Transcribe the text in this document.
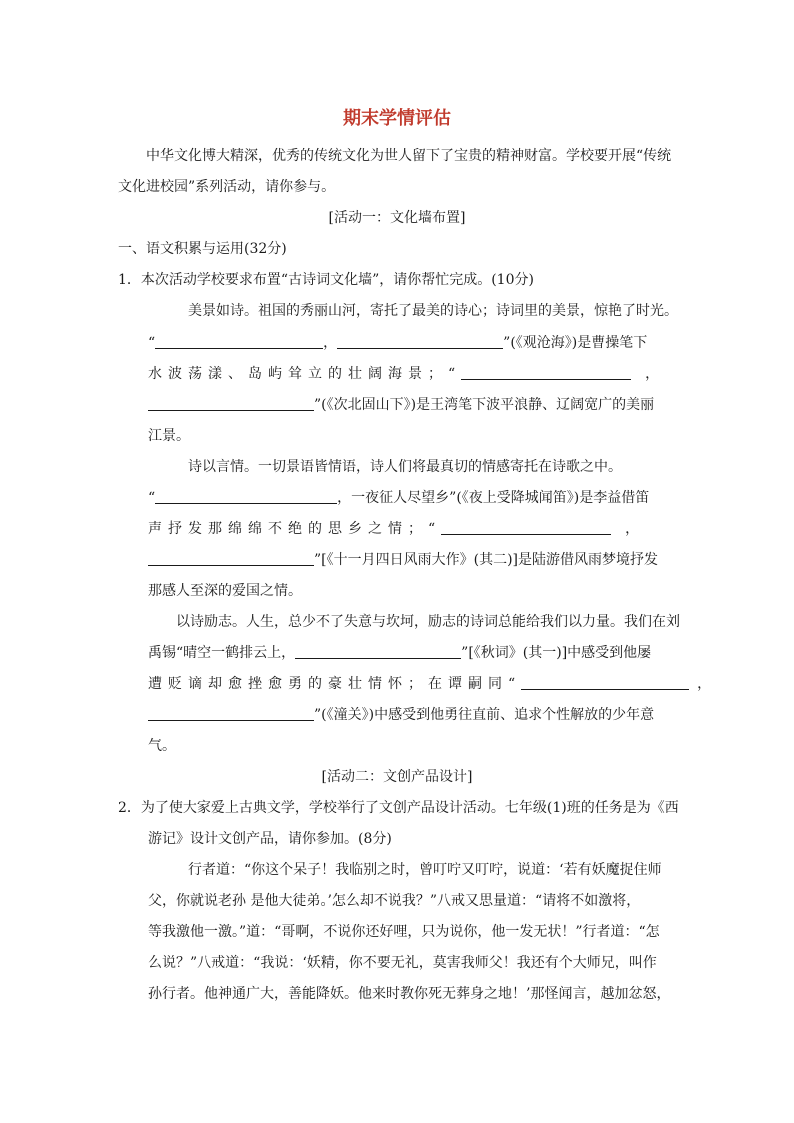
期末学情评估
中华文化博大精深，优秀的传统文化为世人留下了宝贵的精神财富。学校要开展“传统
文化进校园”系列活动，请你参与。
[活动一：文化墙布置]
一、语文积累与运用(32分)
1．本次活动学校要求布置“古诗词文化墙”，请你帮忙完成。(10分)
美景如诗。祖国的秀丽山河，寄托了最美的诗心；诗词里的美景，惊艳了时光。
“	，	”(《观沧海》)是曹操笔下
水波荡漾、岛屿耸立的壮阔海景；“	，
”(《次北固山下》)是王湾笔下波平浪静、辽阔宽广的美丽
江景。
诗以言情。一切景语皆情语，诗人们将最真切的情感寄托在诗歌之中。
“	，一夜征人尽望乡”(《夜上受降城闻笛》)是李益借笛
声抒发那绵绵不绝的思乡之情；“	，
”[《十一月四日风雨大作》(其二)]是陆游借风雨梦境抒发
那感人至深的爱国之情。
以诗励志。人生，总少不了失意与坎坷，励志的诗词总能给我们以力量。我们在刘
禹锡“晴空一鹤排云上，	”[《秋词》(其一)]中感受到他屡
遭贬谪却愈挫愈勇的豪壮情怀；在谭嗣同“	，
”(《潼关》)中感受到他勇往直前、追求个性解放的少年意
气。
[活动二：文创产品设计]
2．为了使大家爱上古典文学，学校举行了文创产品设计活动。七年级(1)班的任务是为《西
游记》设计文创产品，请你参加。(8分)
行者道：“你这个呆子！我临别之时，曾叮咛又叮咛，说道：‘若有妖魔捉住师
父，你就说老孙 是他大徒弟。’怎么却不说我？”八戒又思量道：“请将不如激将，
等我激他一激。”道：“哥啊，不说你还好哩，只为说你，他一发无状！”行者道：“怎
么说？”八戒道：“我说：‘妖精，你不要无礼，莫害我师父！我还有个大师兄，叫作
孙行者。他神通广大，善能降妖。他来时教你死无葬身之地！’那怪闻言，越加忿怒，
